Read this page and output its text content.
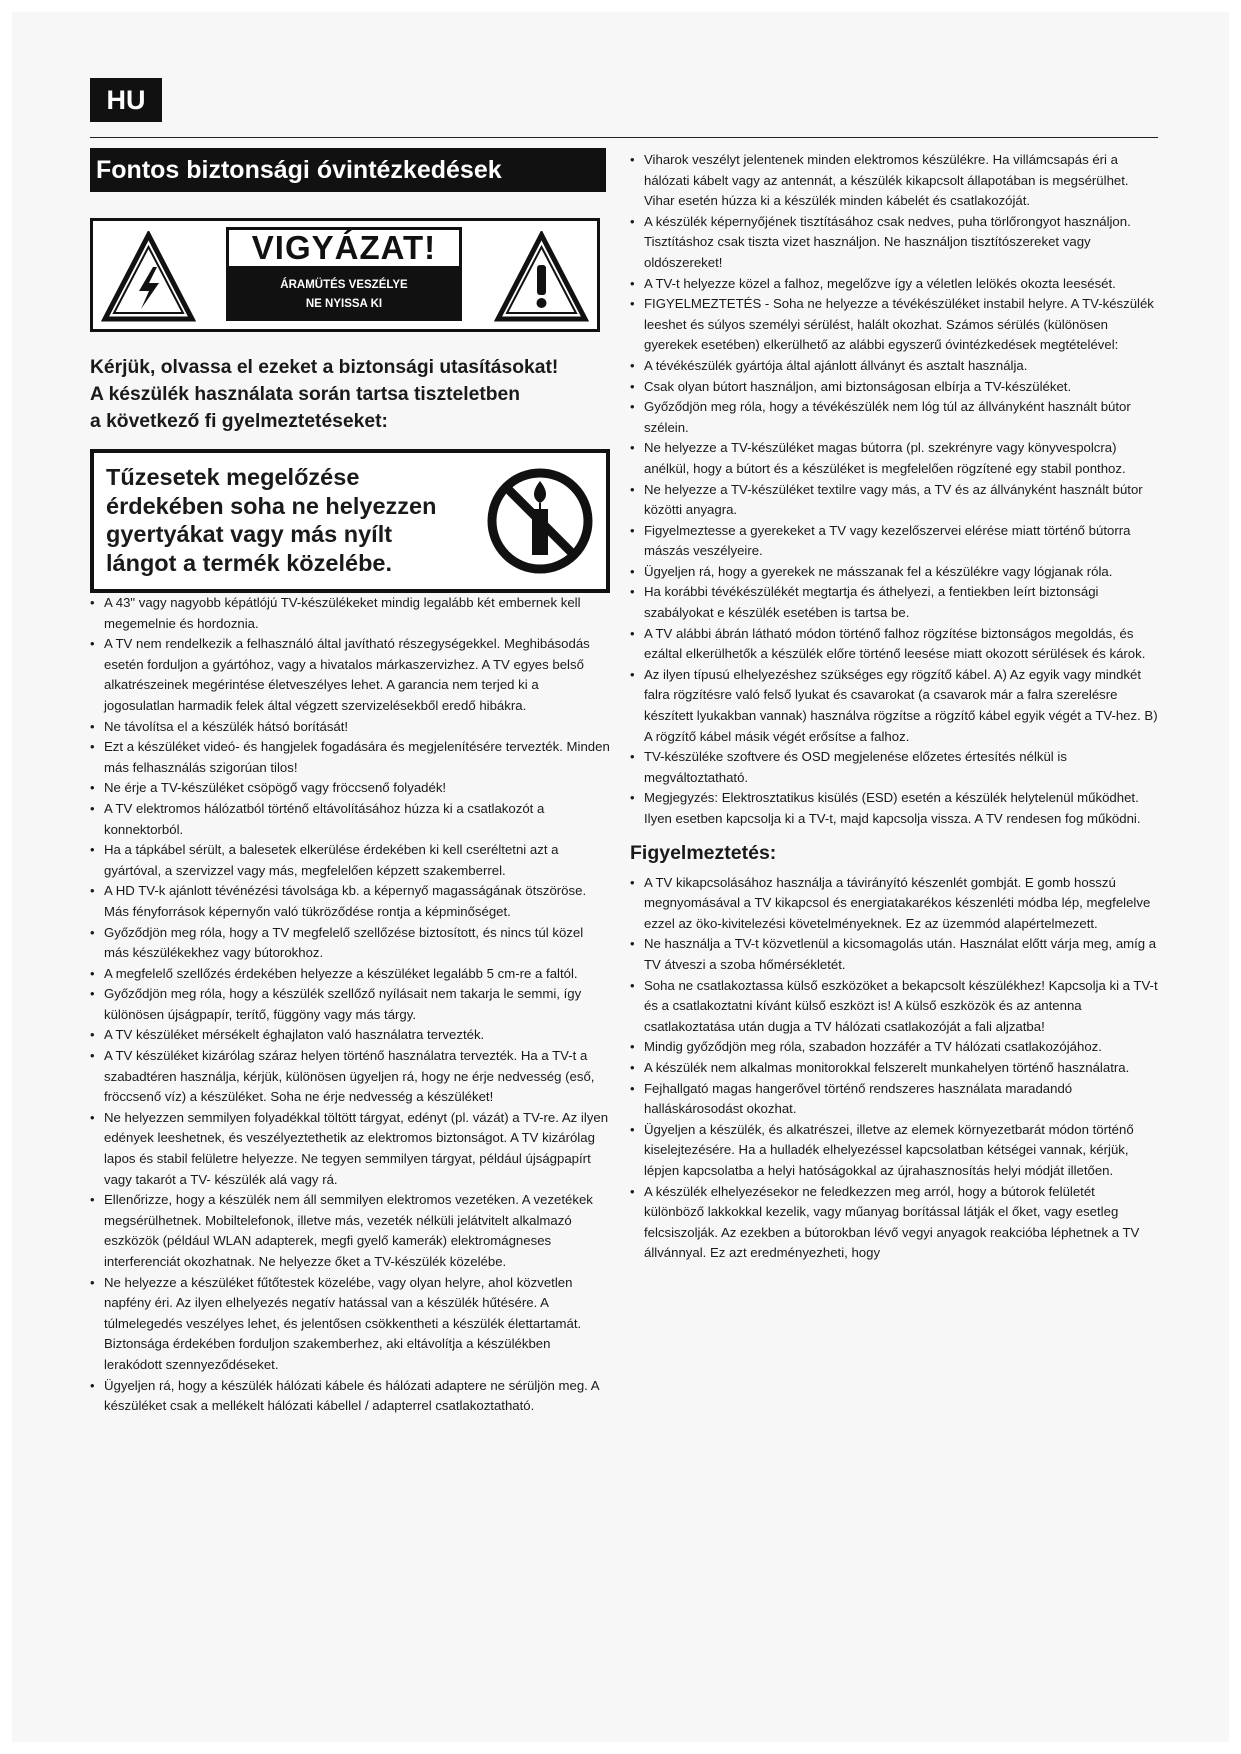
HU
Fontos biztonsági óvintézkedések
VIGYÁZAT!
ÁRAMÜTÉS VESZÉLYE
NE NYISSA KI
Kérjük, olvassa el ezeket a biztonsági utasításokat!
A készülék használata során tartsa tiszteletben
a következő fi gyelmeztetéseket:
Tűzesetek megelőzése
érdekében soha ne helyezzen
gyertyákat vagy más nyílt
lángot a termék közelébe.
• A 43" vagy nagyobb képátlójú TV-készülékeket mindig legalább két embernek kell megemelnie és hordoznia.
• A TV nem rendelkezik a felhasználó által javítható részegységekkel. Meghibásodás esetén forduljon a gyártóhoz, vagy a hivatalos márkaszervizhez. A TV egyes belső alkatrészeinek megérintése életveszélyes lehet. A garancia nem terjed ki a jogosulatlan harmadik felek által végzett szervizelésekből eredő hibákra.
• Ne távolítsa el a készülék hátsó borítását!
• Ezt a készüléket videó- és hangjelek fogadására és megjelenítésére tervezték. Minden más felhasználás szigorúan tilos!
• Ne érje a TV-készüléket csöpögő vagy fröccsenő folyadék!
• A TV elektromos hálózatból történő eltávolításához húzza ki a csatlakozót a konnektorból.
• Ha a tápkábel sérült, a balesetek elkerülése érdekében ki kell cseréltetni azt a gyártóval, a szervizzel vagy más, megfelelően képzett szakemberrel.
• A HD TV-k ajánlott tévénézési távolsága kb. a képernyő magasságának ötszöröse. Más fényforrások képernyőn való tükröződése rontja a képminőséget.
• Győződjön meg róla, hogy a TV megfelelő szellőzése biztosított, és nincs túl közel más készülékekhez vagy bútorokhoz.
• A megfelelő szellőzés érdekében helyezze a készüléket legalább 5 cm-re a faltól.
• Győződjön meg róla, hogy a készülék szellőző nyílásait nem takarja le semmi, így különösen újságpapír, terítő, függöny vagy más tárgy.
• A TV készüléket mérsékelt éghajlaton való használatra tervezték.
• A TV készüléket kizárólag száraz helyen történő használatra tervezték. Ha a TV-t a szabadtéren használja, kérjük, különösen ügyeljen rá, hogy ne érje nedvesség (eső, fröccsenő víz) a készüléket. Soha ne érje nedvesség a készüléket!
• Ne helyezzen semmilyen folyadékkal töltött tárgyat, edényt (pl. vázát) a TV-re. Az ilyen edények leeshetnek, és veszélyeztethetik az elektromos biztonságot. A TV kizárólag lapos és stabil felületre helyezze. Ne tegyen semmilyen tárgyat, például újságpapírt vagy takarót a TV- készülék alá vagy rá.
• Ellenőrizze, hogy a készülék nem áll semmilyen elektromos vezetéken. A vezetékek megsérülhetnek. Mobiltelefonok, illetve más, vezeték nélküli jelátvitelt alkalmazó eszközök (például WLAN adapterek, megfi gyelő kamerák) elektromágneses interferenciát okozhatnak. Ne helyezze őket a TV-készülék közelébe.
• Ne helyezze a készüléket fűtőtestek közelébe, vagy olyan helyre, ahol közvetlen napfény éri. Az ilyen elhelyezés negatív hatással van a készülék hűtésére. A túlmelegedés veszélyes lehet, és jelentősen csökkentheti a készülék élettartamát. Biztonsága érdekében forduljon szakemberhez, aki eltávolítja a készülékben lerakódott szennyeződéseket.
• Ügyeljen rá, hogy a készülék hálózati kábele és hálózati adaptere ne sérüljön meg. A készüléket csak a mellékelt hálózati kábellel / adapterrel csatlakoztatható.
• Viharok veszélyt jelentenek minden elektromos készülékre. Ha villámcsapás éri a hálózati kábelt vagy az antennát, a készülék kikapcsolt állapotában is megsérülhet. Vihar esetén húzza ki a készülék minden kábelét és csatlakozóját.
• A készülék képernyőjének tisztításához csak nedves, puha törlőrongyot használjon. Tisztításhoz csak tiszta vizet használjon. Ne használjon tisztítószereket vagy oldószereket!
• A TV-t helyezze közel a falhoz, megelőzve így a véletlen lelökés okozta leesését.
• FIGYELMEZTETÉS - Soha ne helyezze a tévékészüléket instabil helyre. A TV-készülék leeshet és súlyos személyi sérülést, halált okozhat. Számos sérülés (különösen gyerekek esetében) elkerülhető az alábbi egyszerű óvintézkedések megtételével:
• A tévékészülék gyártója által ajánlott állványt és asztalt használja.
• Csak olyan bútort használjon, ami biztonságosan elbírja a TV-készüléket.
• Győződjön meg róla, hogy a tévékészülék nem lóg túl az állványként használt bútor szélein.
• Ne helyezze a TV-készüléket magas bútorra (pl. szekrényre vagy könyvespolcra) anélkül, hogy a bútort és a készüléket is megfelelően rögzítené egy stabil ponthoz.
• Ne helyezze a TV-készüléket textilre vagy más, a TV és az állványként használt bútor közötti anyagra.
• Figyelmeztesse a gyerekeket a TV vagy kezelőszervei elérése miatt történő bútorra mászás veszélyeire.
• Ügyeljen rá, hogy a gyerekek ne másszanak fel a készülékre vagy lógjanak róla.
• Ha korábbi tévékészülékét megtartja és áthelyezi, a fentiekben leírt biztonsági szabályokat e készülék esetében is tartsa be.
• A TV alábbi ábrán látható módon történő falhoz rögzítése biztonságos megoldás, és ezáltal elkerülhetők a készülék előre történő leesése miatt okozott sérülések és károk.
• Az ilyen típusú elhelyezéshez szükséges egy rögzítő kábel. A) Az egyik vagy mindkét falra rögzítésre való felső lyukat és csavarokat (a csavarok már a falra szerelésre készített lyukakban vannak) használva rögzítse a rögzítő kábel egyik végét a TV-hez. B) A rögzítő kábel másik végét erősítse a falhoz.
• TV-készüléke szoftvere és OSD megjelenése előzetes értesítés nélkül is megváltoztatható.
• Megjegyzés: Elektrosztatikus kisülés (ESD) esetén a készülék helytelenül működhet. Ilyen esetben kapcsolja ki a TV-t, majd kapcsolja vissza. A TV rendesen fog működni.
Figyelmeztetés:
• A TV kikapcsolásához használja a távirányító készenlét gombját. E gomb hosszú megnyomásával a TV kikapcsol és energiatakarékos készenléti módba lép, megfelelve ezzel az öko-kivitelezési követelményeknek. Ez az üzemmód alapértelmezett.
• Ne használja a TV-t közvetlenül a kicsomagolás után. Használat előtt várja meg, amíg a TV átveszi a szoba hőmérsékletét.
• Soha ne csatlakoztassa külső eszközöket a bekapcsolt készülékhez! Kapcsolja ki a TV-t és a csatlakoztatni kívánt külső eszközt is! A külső eszközök és az antenna csatlakoztatása után dugja a TV hálózati csatlakozóját a fali aljzatba!
• Mindig győződjön meg róla, szabadon hozzáfér a TV hálózati csatlakozójához.
• A készülék nem alkalmas monitorokkal felszerelt munkahelyen történő használatra.
• Fejhallgató magas hangerővel történő rendszeres használata maradandó halláskárosodást okozhat.
• Ügyeljen a készülék, és alkatrészei, illetve az elemek környezetbarát módon történő kiselejtezésére. Ha a hulladék elhelyezéssel kapcsolatban kétségei vannak, kérjük, lépjen kapcsolatba a helyi hatóságokkal az újrahasznosítás helyi módját illetően.
• A készülék elhelyezésekor ne feledkezzen meg arról, hogy a bútorok felületét különböző lakkokkal kezelik, vagy műanyag borítással látják el őket, vagy esetleg felcsiszolják. Az ezekben a bútorokban lévő vegyi anyagok reakcióba léphetnek a TV állvánnyal. Ez azt eredményezheti, hogy
